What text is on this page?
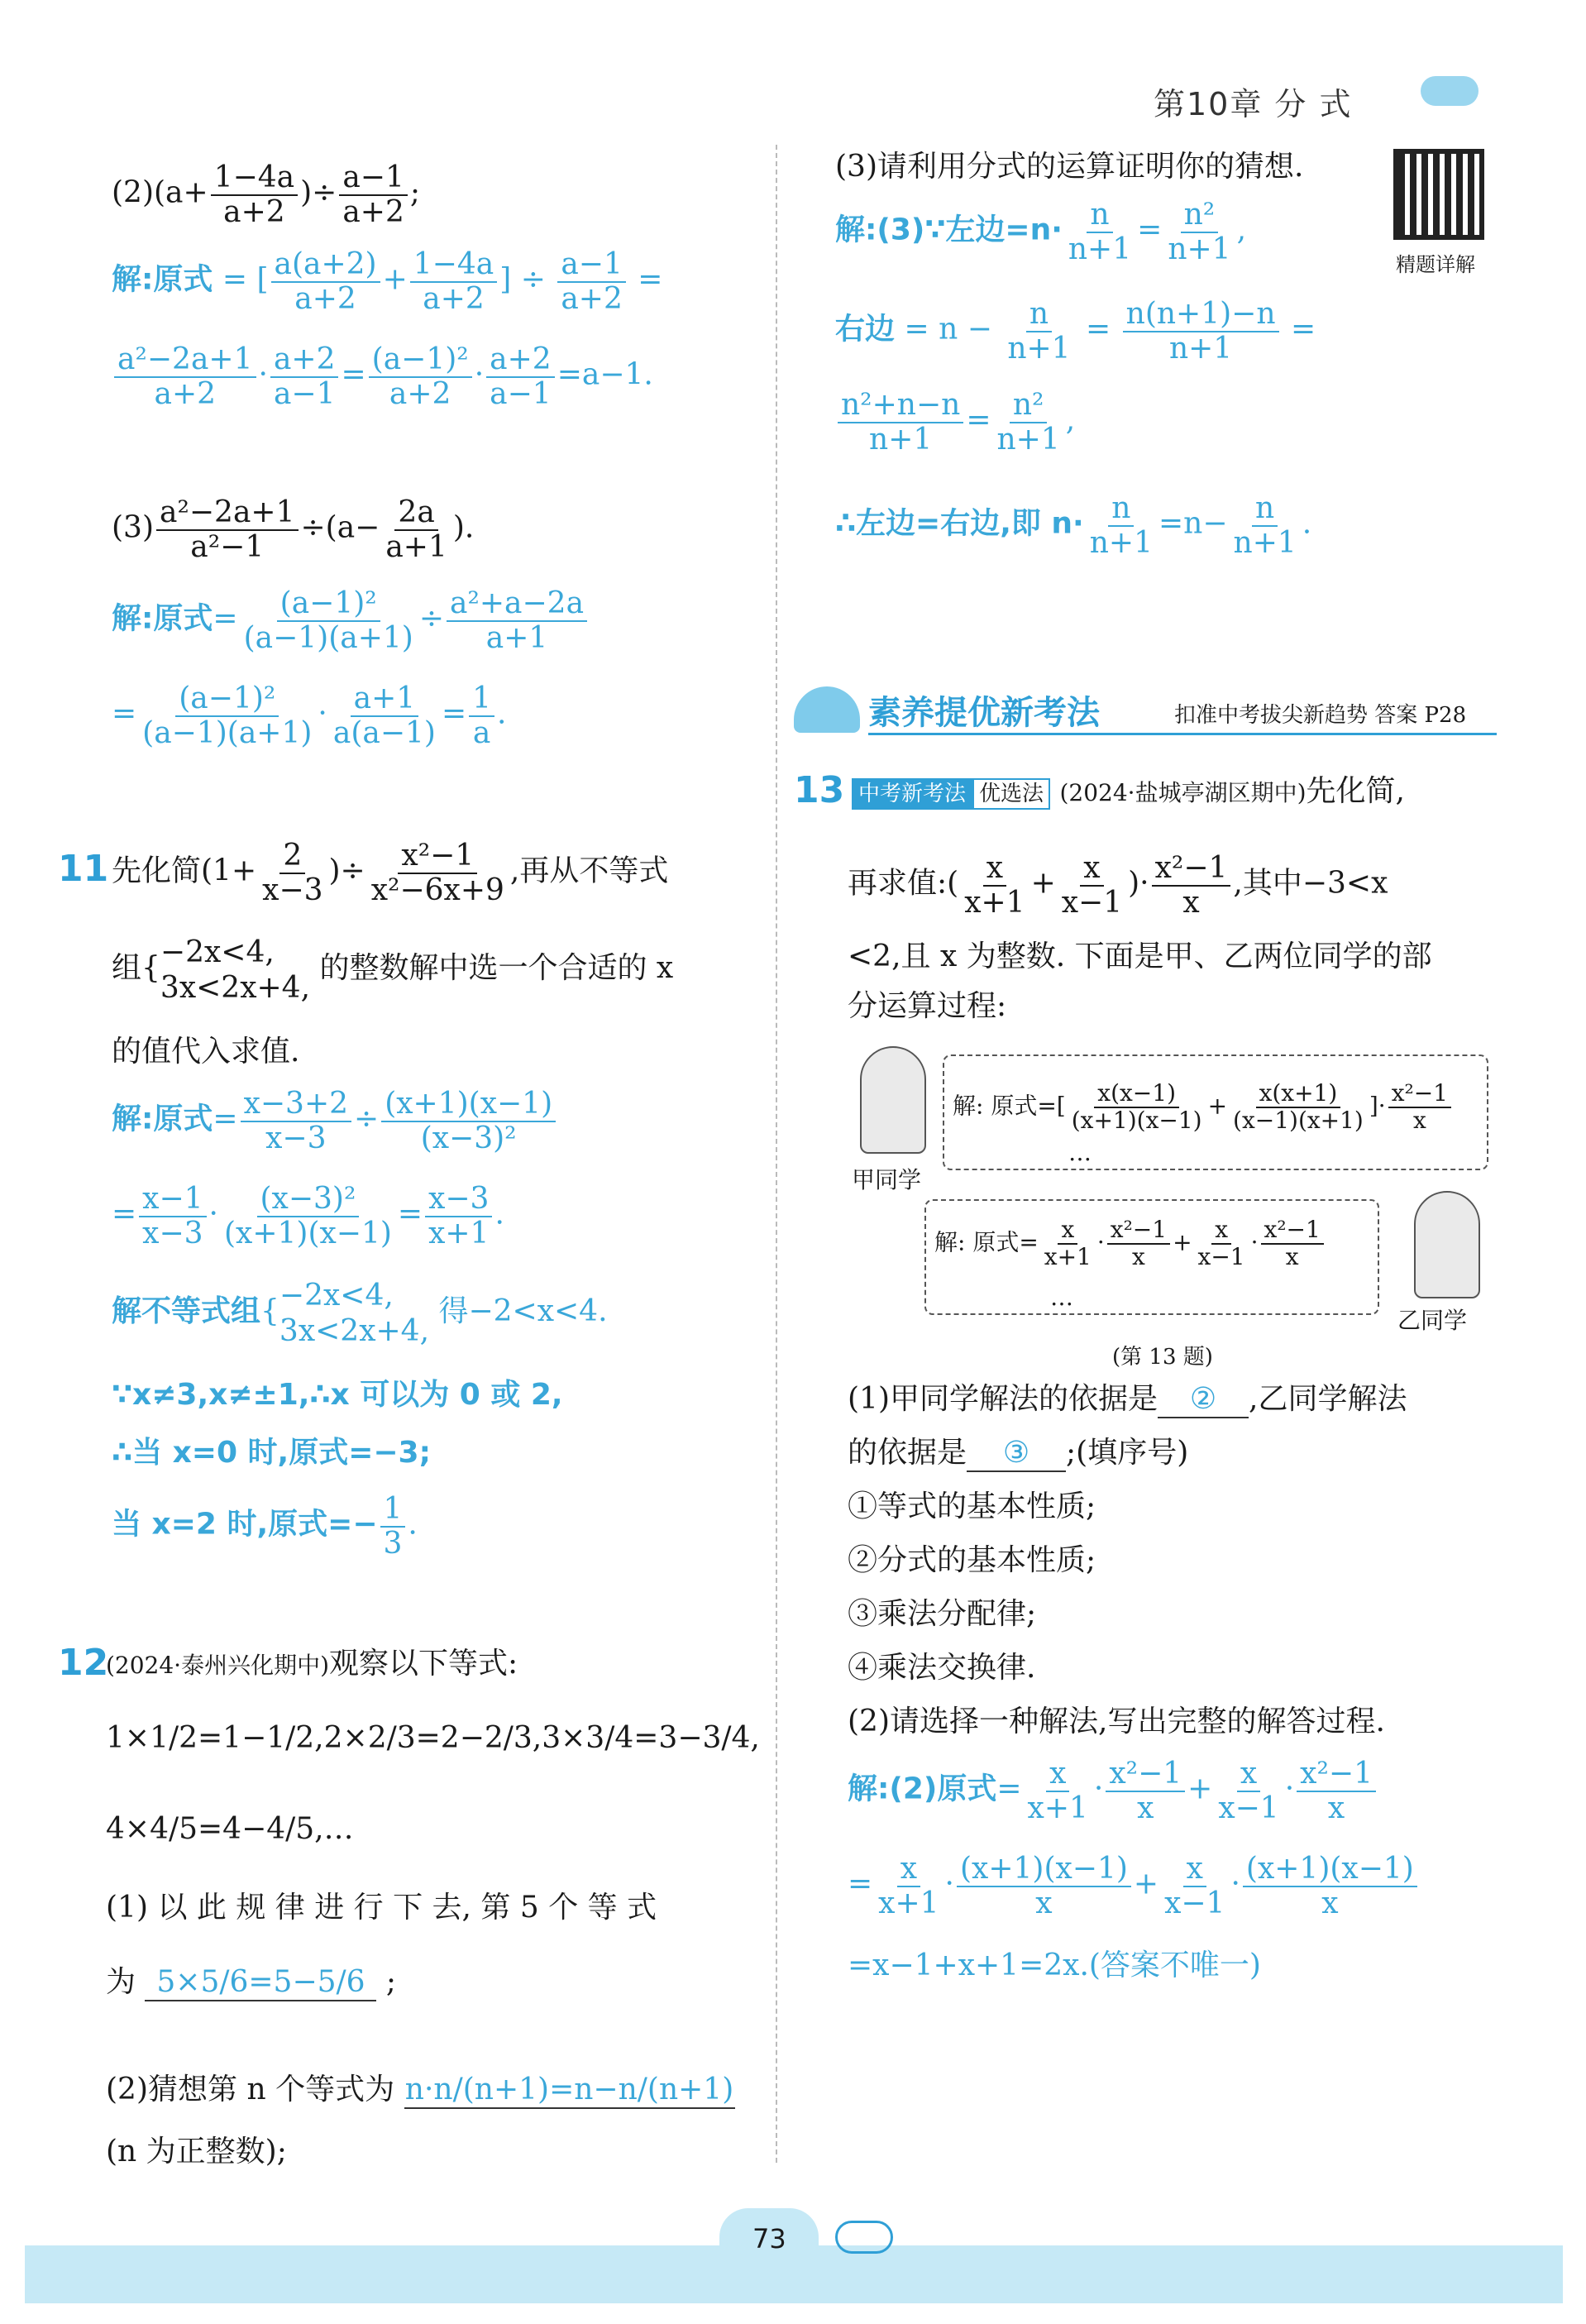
第10章 分 式
精题详解
$(2)(a+ \frac{1-4a}{a+2}$ )÷ $\frac{a-1}{a+2}$ ;
解:原式 = [ $\frac{a(a+2)}{a+2} + \frac{1-4a}{a+2}$ ] ÷ $\frac{a-1}{a+2}$ =
$\frac{\text{a²−2a+1}}{a+2} \cdot \frac{a+2}{a-1} = \frac{\text{(a−1)²}}{a+2} \cdot \frac{a+2}{a-1} =a-1$.
$(3) \frac{\text{a²−2a+1}}{\text{a²−1}} \div(a- \frac{2a}{a+1}$ ).
解:原式= $\frac{\text{(a−1)²}}{(a-1)(a+1)} \div \frac{\text{a²+a−2a}}{a+1}$
= $\frac{\text{(a−1)²}}{(a-1)(a+1)} \cdot \frac{a+1}{a(a-1)} = \frac{1}{a}$ .
11 先化简($1+ \frac{2}{x-3}$ )÷ $\frac{\text{x²−1}}{\text{x²−6x+9}}$ ,再从不等式
组{ −2x<4,
3x<2x+4,
的整数解中选一个合适的 x
的值代入求值.
解:原式= $\frac{x-3+2}{x-3} \div \frac{(x+1)(x-1)}{\text{(x−3)²}}$
= $\frac{x-1}{x-3} \cdot \frac{\text{(x−3)²}}{(x+1)(x-1)} = \frac{x-3}{x+1}$ .
解不等式组{ −2x<4,
3x<2x+4,
得−2<x<4.
∵x≠3,x≠±1,∴x 可以为 0 或 2,
∴当 x=0 时,原式=−3;
当 x=2 时,原式=− $\frac{1}{3}$ .
12
(2024·泰州兴化期中)观察以下等式:
1×1/2=1−1/2,2×2/3=2−2/3,3×3/4=3−3/4,
4×4/5=4−4/5,…
(1) 以 此 规 律 进 行 下 去, 第 5 个 等 式
为 5×5/6=5−5/6 ;
(2)猜想第 n 个等式为 n·n/(n+1)=n−n/(n+1)
(n 为正整数);
(3)请利用分式的运算证明你的猜想.
解:(3)∵左边$=n\cdot \frac{n}{n+1} = \frac{\text{n²}}{n+1}$ ,
右边 = $n - \frac{n}{n+1} = \frac{n(n+1)-n}{n+1}$ =
$\frac{\text{n²+n−n}}{n+1} = \frac{\text{n²}}{n+1}$ ,
∴左边=右边,即 $n\cdot \frac{n}{n+1} =n- \frac{n}{n+1}$ .
素养提优新考法	扣准中考拔尖新趋势 答案 P28
13 中考新考法 优选法 (2024·盐城亭湖区期中)先化简,
再求值:( $\frac{x}{x+1} + \frac{x}{x-1}$ )· $\frac{\text{x²−1}}{x}$ ,其中−3<x
<2,且 x 为整数. 下面是甲、乙两位同学的部
分运算过程:
甲同学
解: 原式=[ $\frac{x(x-1)}{(x+1)(x-1)} + \frac{x(x+1)}{(x-1)(x+1)}$ ]· $\frac{\text{x²−1}}{x}$
…
解: 原式= $\frac{x}{x+1} \cdot \frac{\text{x²−1}}{x} + \frac{x}{x-1} \cdot \frac{\text{x²−1}}{x}$
…
乙同学
(第 13 题)
(1)甲同学解法的依据是 ② ,乙同学解法
的依据是 ③ ;(填序号)
①等式的基本性质;
②分式的基本性质;
③乘法分配律;
④乘法交换律.
(2)请选择一种解法,写出完整的解答过程.
解:(2)原式= $\frac{x}{x+1} \cdot \frac{\text{x²−1}}{x} + \frac{x}{x-1} \cdot \frac{\text{x²−1}}{x}$
= $\frac{x}{x+1} \cdot \frac{(x+1)(x-1)}{x} + \frac{x}{x-1} \cdot \frac{(x+1)(x-1)}{x}$
=x−1+x+1=2x.(答案不唯一)
73
